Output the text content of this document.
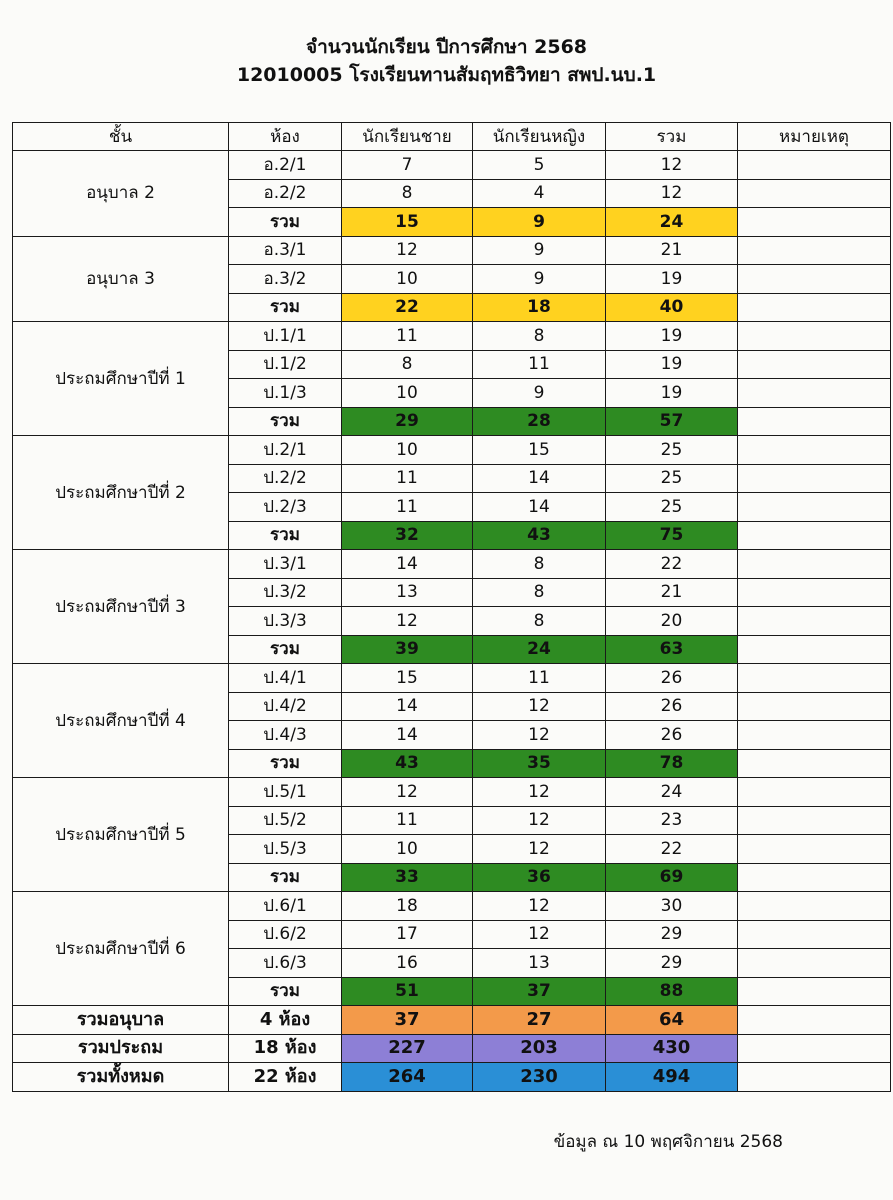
จำนวนนักเรียน ปีการศึกษา 2568
12010005 โรงเรียนทานสัมฤทธิวิทยา สพป.นบ.1
ชั้น	ห้อง	นักเรียนชาย	นักเรียนหญิง	รวม	หมายเหตุ
อนุบาล 2	อ.2/1	7	5	12	
	อ.2/2	8	4	12	
	รวม	15	9	24	
อนุบาล 3	อ.3/1	12	9	21	
	อ.3/2	10	9	19	
	รวม	22	18	40	
ประถมศึกษาปีที่ 1	ป.1/1	11	8	19	
	ป.1/2	8	11	19	
	ป.1/3	10	9	19	
	รวม	29	28	57	
ประถมศึกษาปีที่ 2	ป.2/1	10	15	25	
	ป.2/2	11	14	25	
	ป.2/3	11	14	25	
	รวม	32	43	75	
ประถมศึกษาปีที่ 3	ป.3/1	14	8	22	
	ป.3/2	13	8	21	
	ป.3/3	12	8	20	
	รวม	39	24	63	
ประถมศึกษาปีที่ 4	ป.4/1	15	11	26	
	ป.4/2	14	12	26	
	ป.4/3	14	12	26	
	รวม	43	35	78	
ประถมศึกษาปีที่ 5	ป.5/1	12	12	24	
	ป.5/2	11	12	23	
	ป.5/3	10	12	22	
	รวม	33	36	69	
ประถมศึกษาปีที่ 6	ป.6/1	18	12	30	
	ป.6/2	17	12	29	
	ป.6/3	16	13	29	
	รวม	51	37	88	
รวมอนุบาล	4 ห้อง	37	27	64	
รวมประถม	18 ห้อง	227	203	430	
รวมทั้งหมด	22 ห้อง	264	230	494	
ข้อมูล ณ 10 พฤศจิกายน 2568
